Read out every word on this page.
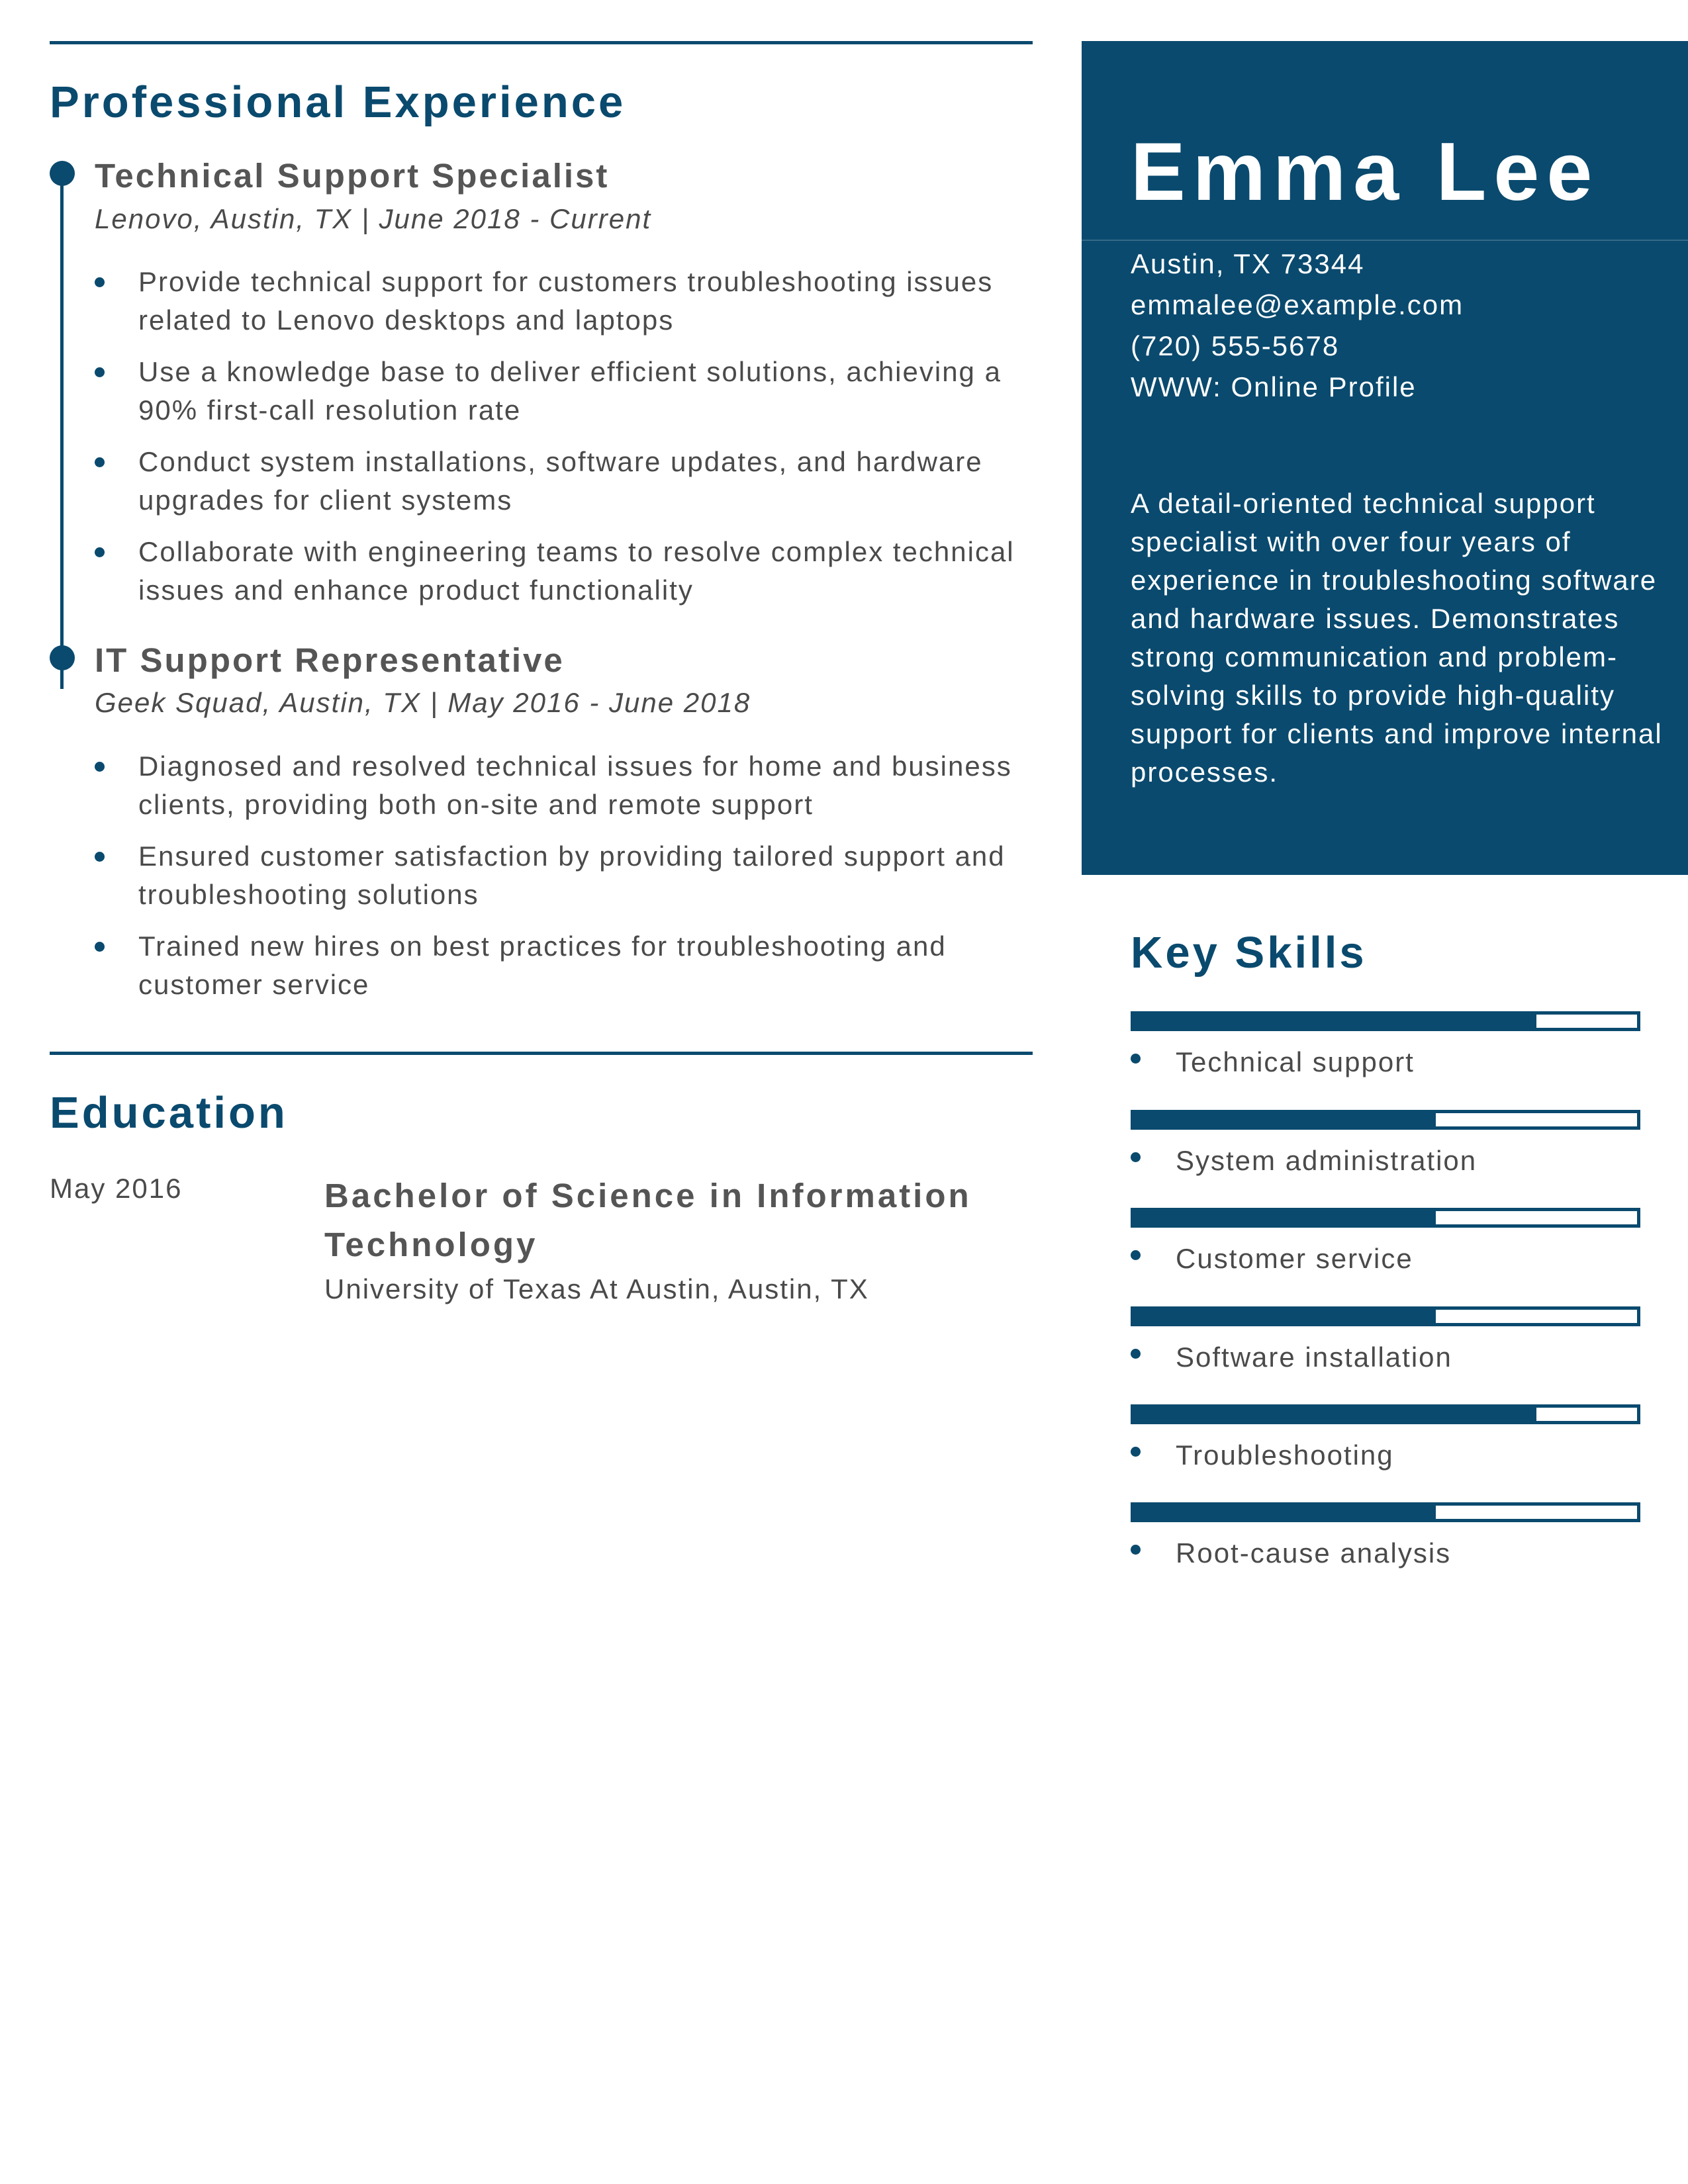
Professional Experience
Technical Support Specialist
Lenovo, Austin, TX | June 2018 - Current
Provide technical support for customers troubleshooting issues related to Lenovo desktops and laptops
Use a knowledge base to deliver efficient solutions, achieving a 90% first-call resolution rate
Conduct system installations, software updates, and hardware upgrades for client systems
Collaborate with engineering teams to resolve complex technical issues and enhance product functionality
IT Support Representative
Geek Squad, Austin, TX | May 2016 - June 2018
Diagnosed and resolved technical issues for home and business clients, providing both on-site and remote support
Ensured customer satisfaction by providing tailored support and troubleshooting solutions
Trained new hires on best practices for troubleshooting and customer service
Education
May 2016	Bachelor of Science in Information Technology
University of Texas At Austin, Austin, TX
Emma Lee
Austin, TX 73344
emmalee@example.com
(720) 555-5678
WWW: Online Profile
A detail-oriented technical support specialist with over four years of experience in troubleshooting software and hardware issues. Demonstrates strong communication and problem-solving skills to provide high-quality support for clients and improve internal processes.
Key Skills
Technical support
System administration
Customer service
Software installation
Troubleshooting
Root-cause analysis
